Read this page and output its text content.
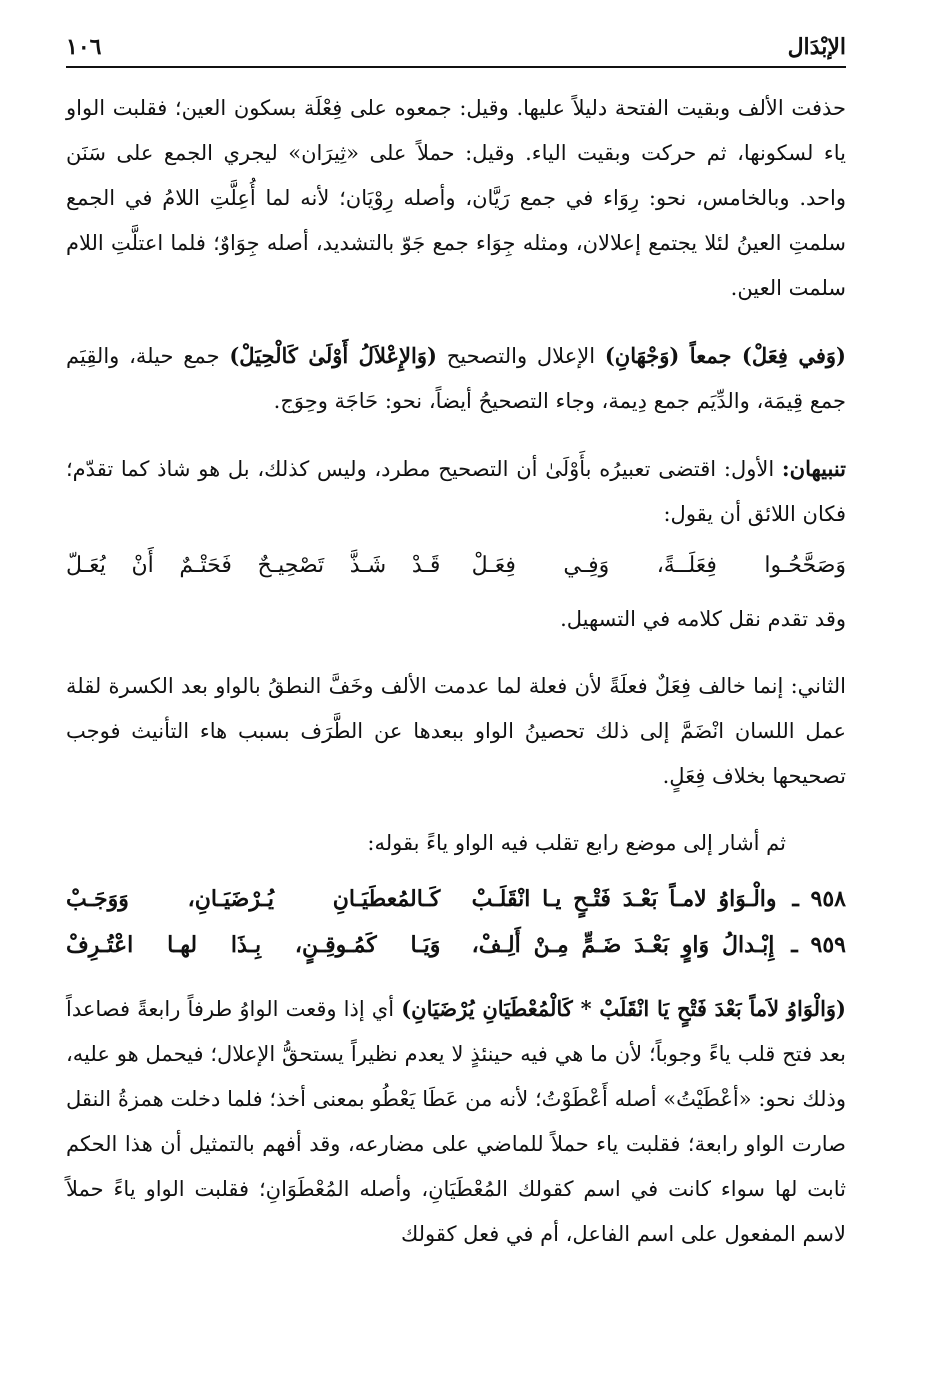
الإبْدَال
١٠٦

حذفت الألف وبقيت الفتحة دليلاً عليها. وقيل: جمعوه على فِعْلَة بسكون العين؛ فقلبت الواو ياء لسكونها، ثم حركت وبقيت الياء. وقيل: حملاً على «ثِيرَان» ليجري الجمع على سَنَن واحد. وبالخامس، نحو: رِوَاء في جمع رَيَّان، وأصله رِوْيَان؛ لأنه لما أُعِلَّتِ اللامُ في الجمع سلمتِ العينُ لئلا يجتمع إعلالان، ومثله جِوَاء جمع جَوّ بالتشديد، أصله جِوَاوٌ؛ فلما اعتلَّتِ اللام سلمت العين.

(وَفي فِعَلْ) جمعاً (وَجْهَانِ) الإعلال والتصحيح (وَالإِعْلاَلُ أَوْلَىٰ كَالْحِيَلْ) جمع حيلة، والقِيَم جمع قِيمَة، والدِّيَم جمع دِيمة، وجاء التصحيحُ أيضاً، نحو: حَاجَة وحِوَج.

تنبيهان: الأول: اقتضى تعبيرُه بأَوْلَىٰ أن التصحيح مطرد، وليس كذلك، بل هو شاذ كما تقدّم؛ فكان اللائق أن يقول:

وَصَحَّحُـوا فِعَلَــةً، وَفِـي فِعَـلْ
قَـدْ شَـذَّ تَصْحِيـحٌ فَحَتْـمٌ أَنْ يُعَـلّ

وقد تقدم نقل كلامه في التسهيل.

الثاني: إنما خالف فِعَلٌ فعلَةً لأن فعلة لما عدمت الألف وخَفَّ النطقُ بالواو بعد الكسرة لقلة عمل اللسان انْضَمَّ إلى ذلك تحصينُ الواو ببعدها عن الطَّرَف بسبب هاء التأنيث فوجب تصحيحها بخلاف فِعَلٍ.

ثم أشار إلى موضع رابع تقلب فيه الواو ياءً بقوله:

٩٥٨ ـ والْـوَاوُ لامـاً بَعْـدَ فَتْـحٍ يـا انْقَلَـبْ
كَـالمُعطَيَـانِ يُـرْضَيَـانِ، وَوَجَـبْ
٩٥٩ ـ إِبْـدالُ وَاوٍ بَعْـدَ ضَـمٍّ مِـنْ أَلِـفْ،
وَيَـا كَمُـوقِـنٍ، بِـذَا لهـا اعْتُـرِفْ

(وَالْوَاوُ لاَماً بَعْدَ فَتْحٍ يَا انْقَلَبْ * كَالْمُعْطَيَانِ يُرْضَيَانِ) أي إذا وقعت الواوُ طرفاً رابعةً فصاعداً بعد فتح قلب ياءً وجوباً؛ لأن ما هي فيه حينئذٍ لا يعدم نظيراً يستحقُّ الإعلال؛ فيحمل هو عليه، وذلك نحو: «أعْطَيْتُ» أصله أَعْطَوْتُ؛ لأنه من عَطَا يَعْطُو بمعنى أخذ؛ فلما دخلت همزةُ النقل صارت الواو رابعة؛ فقلبت ياء حملاً للماضي على مضارعه، وقد أفهم بالتمثيل أن هذا الحكم ثابت لها سواء كانت في اسم كقولك المُعْطَيَانِ، وأصله المُعْطَوَانِ؛ فقلبت الواو ياءً حملاً لاسم المفعول على اسم الفاعل، أم في فعل كقولك
